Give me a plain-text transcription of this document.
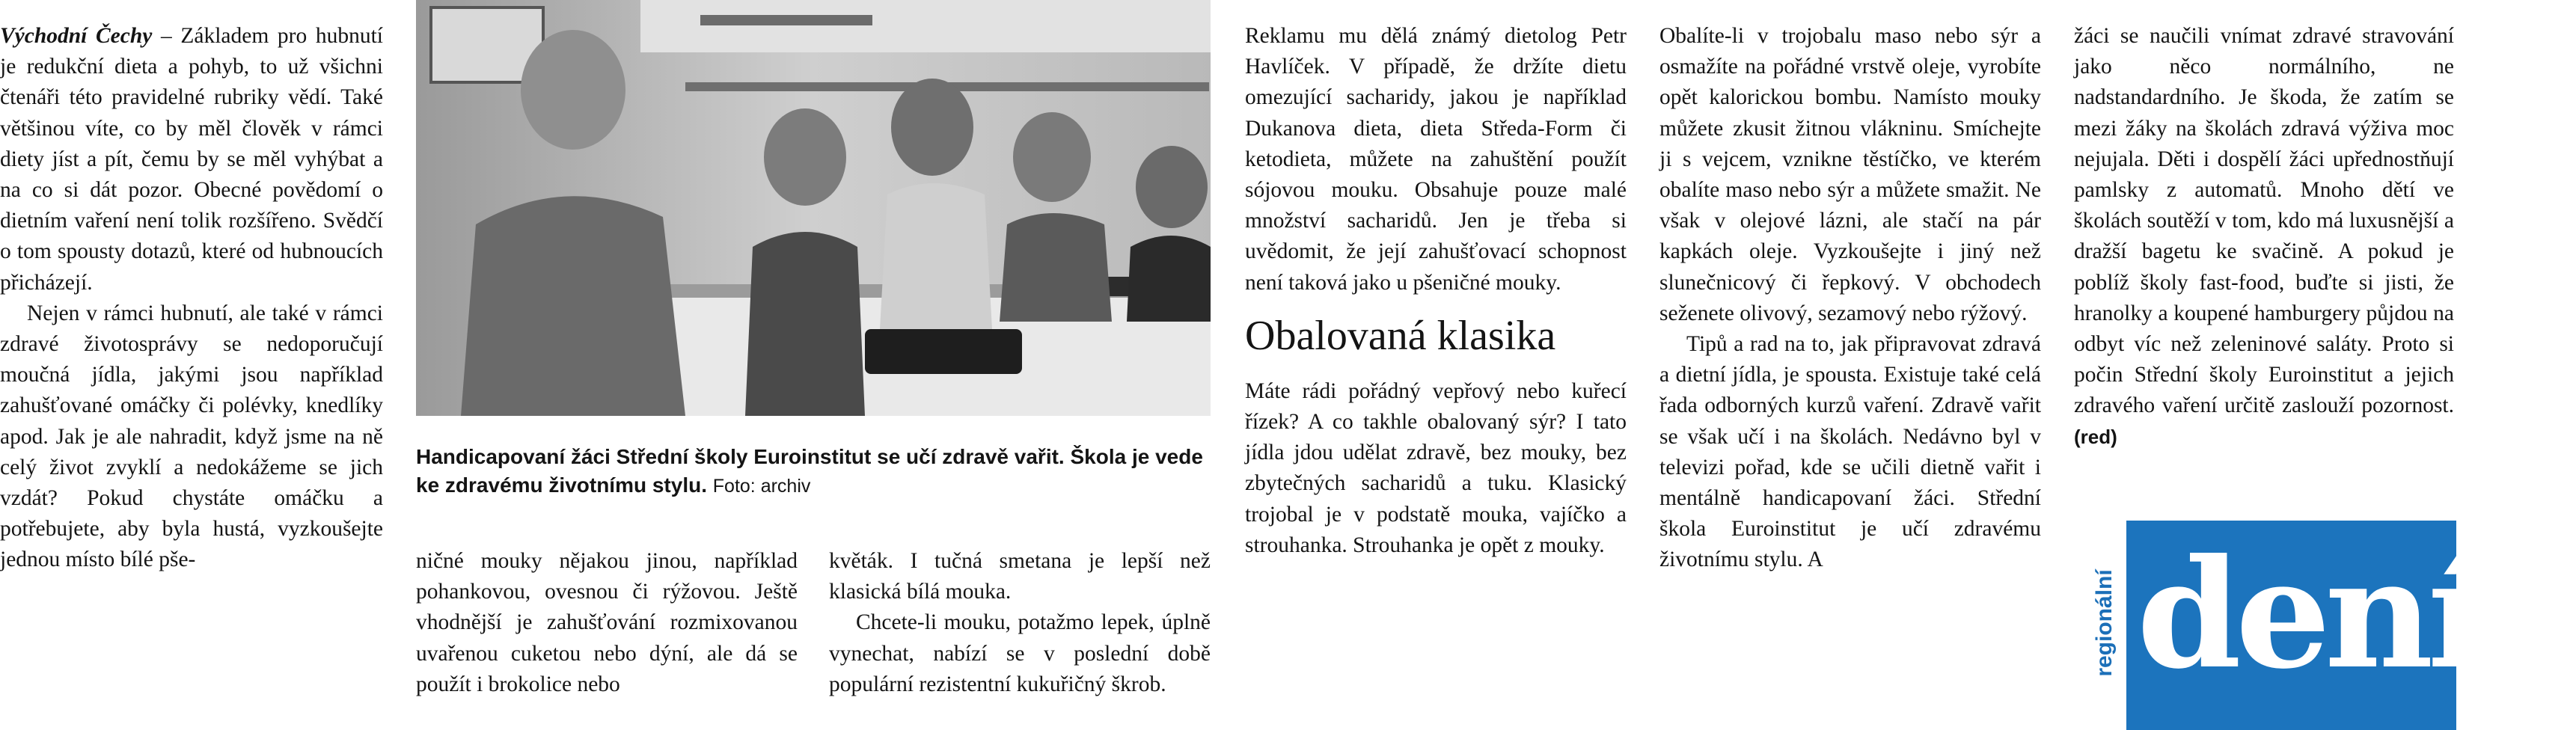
Východní Čechy – Základem pro hubnutí je redukční dieta a pohyb, to už všichni čtenáři této pravidelné rubriky vědí. Také většinou víte, co by měl člověk v rámci diety jíst a pít, čemu by se měl vyhýbat a na co si dát pozor. Obecné povědomí o dietním vaření není tolik rozšířeno. Svědčí o tom spousty dotazů, které od hubnoucích přicházejí.

Nejen v rámci hubnutí, ale také v rámci zdravé životosprávy se nedoporučují moučná jídla, jakými jsou například zahušťované omáčky či polévky, knedlíky apod. Jak je ale nahradit, když jsme na ně celý život zvyklí a nedokážeme se jich vzdát? Pokud chystáte omáčku a potřebujete, aby byla hustá, vyzkoušejte jednou místo bílé pše-

Handicapovaní žáci Střední školy Euroinstitut se učí zdravě vařit. Škola je vede ke zdravému životnímu stylu. Foto: archiv

ničné mouky nějakou jinou, například pohankovou, ovesnou či rýžovou. Ještě vhodnější je zahušťování rozmixovanou uvařenou cuketou nebo dýní, ale dá se použít i brokolice nebo

květák. I tučná smetana je lepší než klasická bílá mouka.

Chcete-li mouku, potažmo lepek, úplně vynechat, nabízí se v poslední době populární rezistentní kukuřičný škrob.

Reklamu mu dělá známý dietolog Petr Havlíček. V případě, že držíte dietu omezující sacharidy, jakou je například Dukanova dieta, dieta Středa-Form či ketodieta, můžete na zahuštění použít sójovou mouku. Obsahuje pouze malé množství sacharidů. Jen je třeba si uvědomit, že její zahušťovací schopnost není taková jako u pšeničné mouky.

Obalovaná klasika

Máte rádi pořádný vepřový nebo kuřecí řízek? A co takhle obalovaný sýr? I tato jídla jdou udělat zdravě, bez mouky, bez zbytečných sacharidů a tuku. Klasický trojobal je v podstatě mouka, vajíčko a strouhanka. Strouhanka je opět z mouky.

Obalíte-li v trojobalu maso nebo sýr a osmažíte na pořádné vrstvě oleje, vyrobíte opět kalorickou bombu. Namísto mouky můžete zkusit žitnou vlákninu. Smíchejte ji s vejcem, vznikne těstíčko, ve kterém obalíte maso nebo sýr a můžete smažit. Ne však v olejové lázni, ale stačí na pár kapkách oleje. Vyzkoušejte i jiný než slunečnicový či řepkový. V obchodech seženete olivový, sezamový nebo rýžový.

Tipů a rad na to, jak připravovat zdravá a dietní jídla, je spousta. Existuje také celá řada odborných kurzů vaření. Zdravě vařit se však učí i na školách. Nedávno byl v televizi pořad, kde se učili dietně vařit i mentálně handicapovaní žáci. Střední škola Euroinstitut je učí zdravému životnímu stylu. A

žáci se naučili vnímat zdravé stravování jako něco normálního, ne nadstandardního. Je škoda, že zatím se mezi žáky na školách zdravá výživa moc nejujala. Děti i dospělí žáci upřednostňují pamlsky z automatů. Mnoho dětí ve školách soutěží v tom, kdo má luxusnější a dražší bagetu ke svačině. A pokud je poblíž školy fast-food, buďte si jisti, že hranolky a koupené hamburgery půjdou na odbyt víc než zeleninové saláty. Proto si počin Střední školy Euroinstitut a jejich zdravého vaření určitě zaslouží pozornost. (red)

regionální deník
